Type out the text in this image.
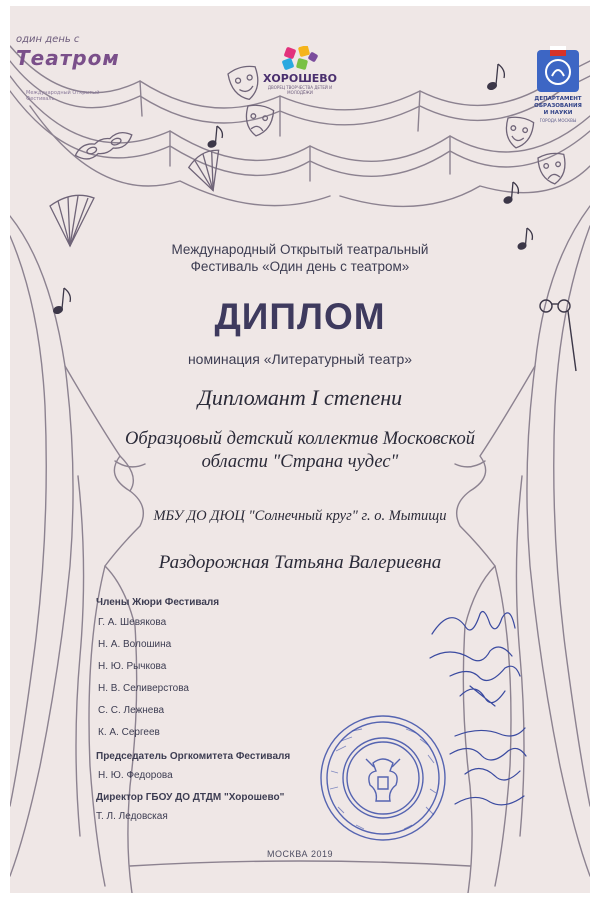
один день с
Театром
Международный Открытый Фестиваль
ХОРОШЕВО
ДВОРЕЦ ТВОРЧЕСТВА ДЕТЕЙ И МОЛОДЁЖИ
ДЕПАРТАМЕНТ ОБРАЗОВАНИЯ И НАУКИ
ГОРОДА МОСКВЫ
Международный Открытый театральный
Фестиваль «Один день с театром»
ДИПЛОМ
номинация «Литературный театр»
Дипломант I степени
Образцовый детский коллектив Московской
области "Страна чудес"
МБУ ДО ДЮЦ "Солнечный круг" г. о. Мытищи
Раздорожная Татьяна Валериевна
Члены Жюри Фестиваля
Г. А. Шевякова
Н. А. Волошина
Н. Ю. Рычкова
Н. В. Селиверстова
С. С. Лежнева
К. А. Сергеев
Председатель Оргкомитета Фестиваля
Н. Ю. Федорова
Директор ГБОУ ДО ДТДМ "Хорошево"
Т. Л. Ледовская
МОСКВА 2019
